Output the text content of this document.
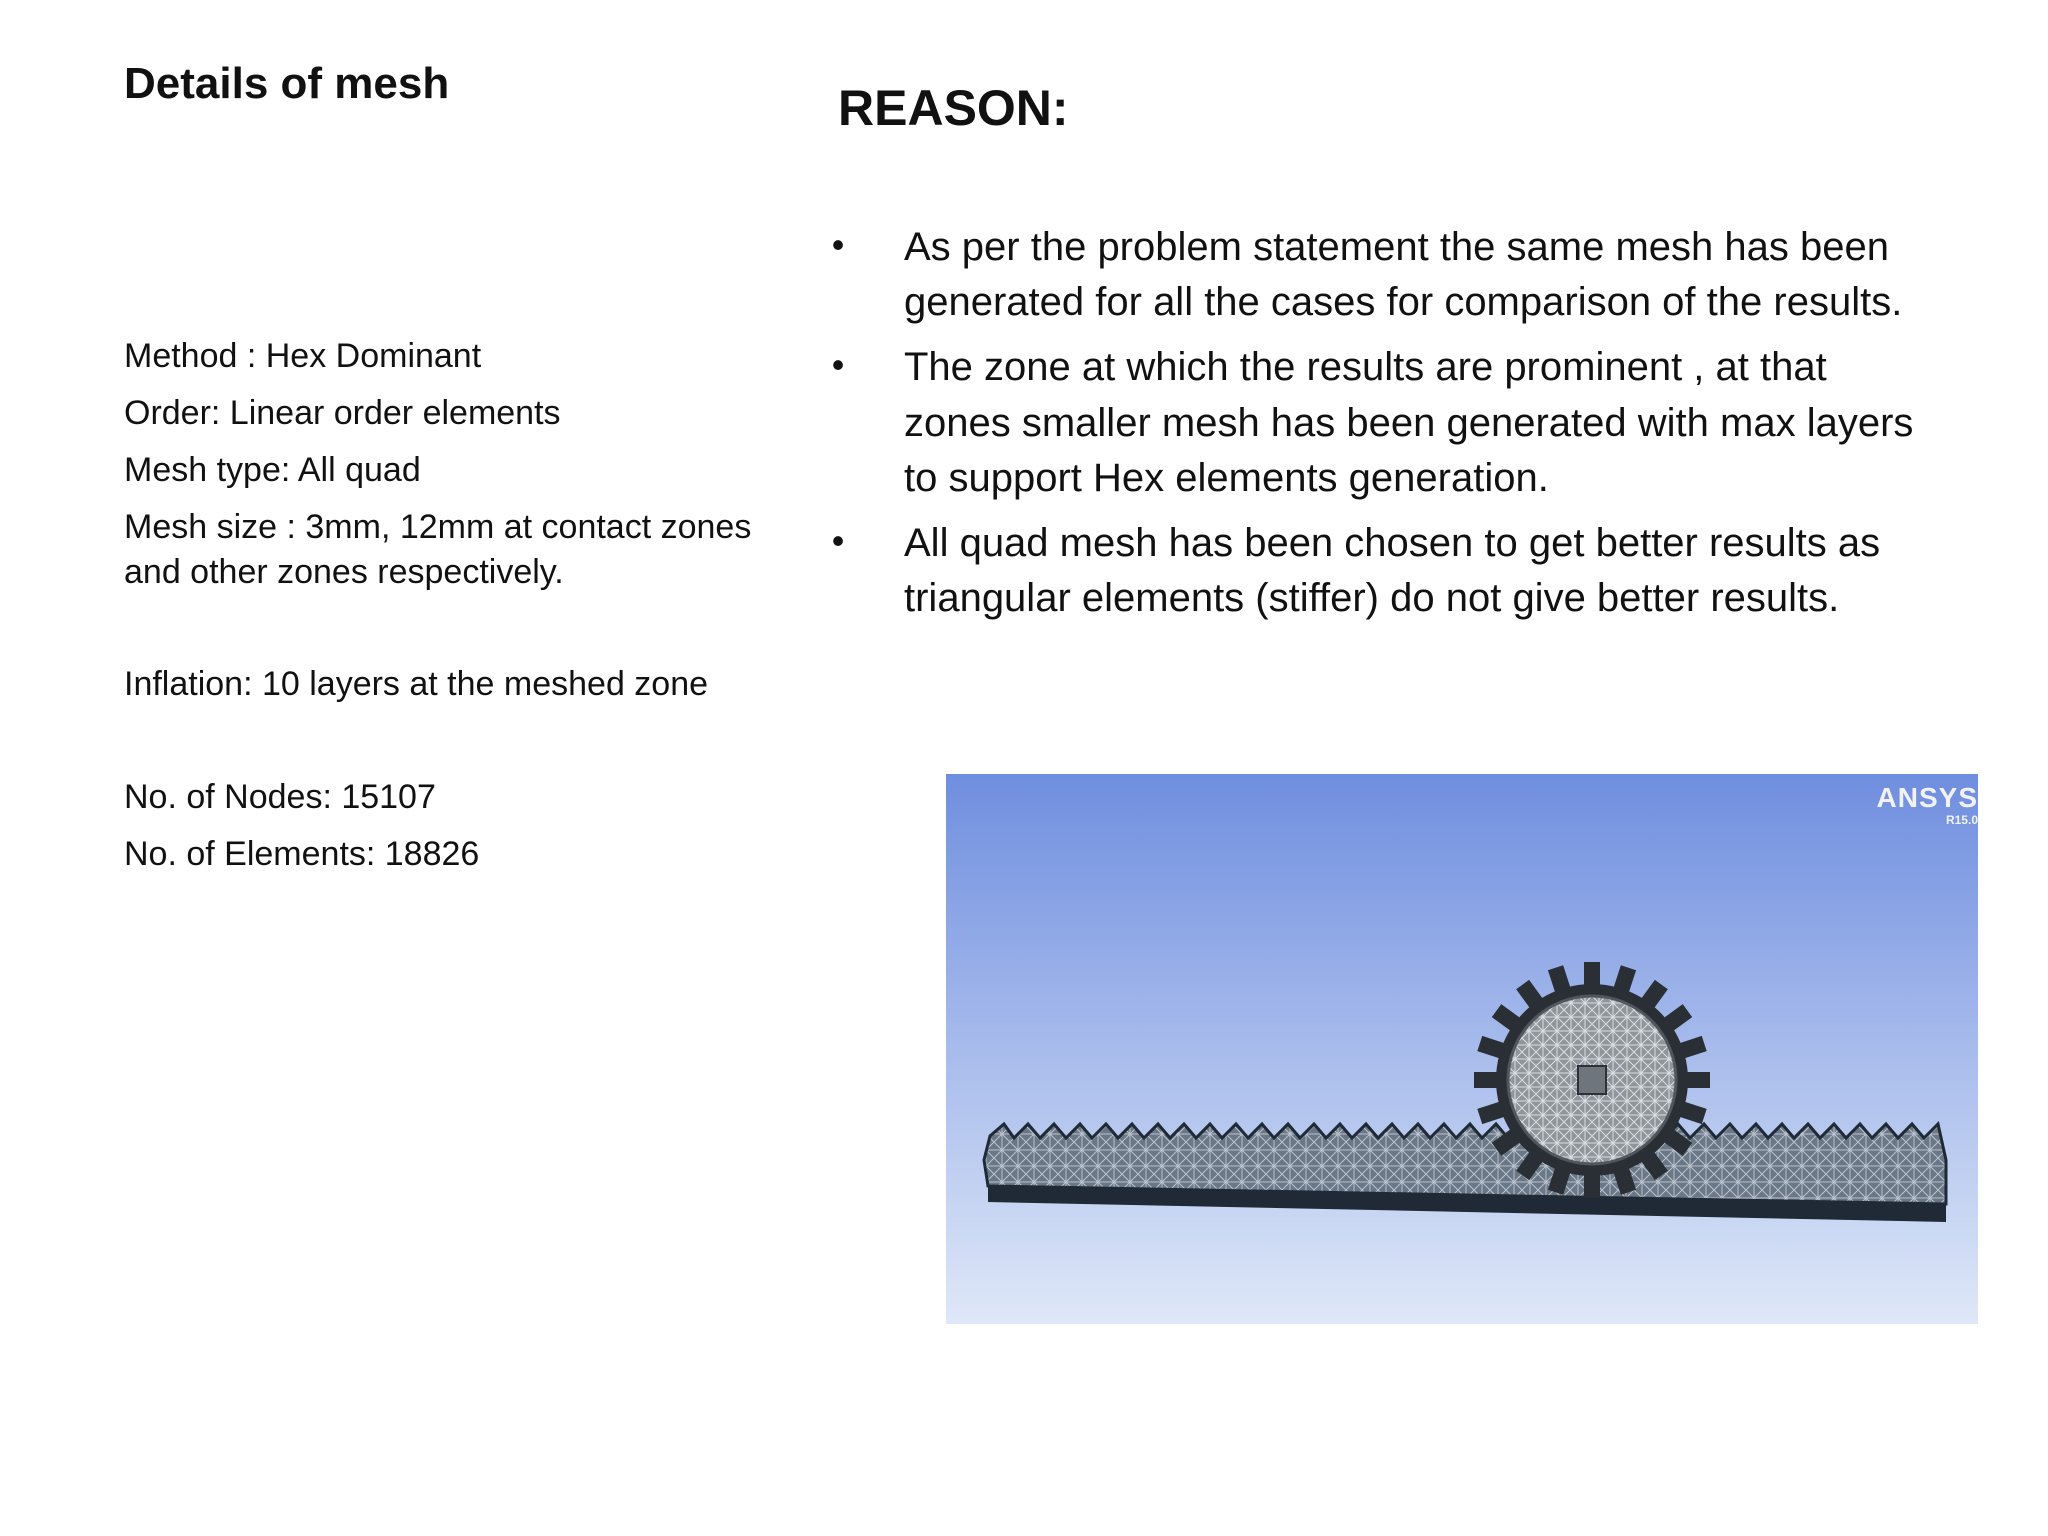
Details of mesh	REASON:
Method : Hex Dominant
Order: Linear order elements
Mesh type: All quad
Mesh size : 3mm, 12mm at contact zones and other zones respectively.
Inflation: 10 layers at the meshed zone
No. of Nodes: 15107
No. of Elements: 18826
• As per the problem statement the same mesh has been generated for all the cases for comparison of the results.
• The zone at which the results are prominent , at that zones smaller mesh has been generated with max layers to support Hex elements generation.
• All quad mesh has been chosen to get better results as triangular elements (stiffer) do not give better results.
ANSYS
R15.0
